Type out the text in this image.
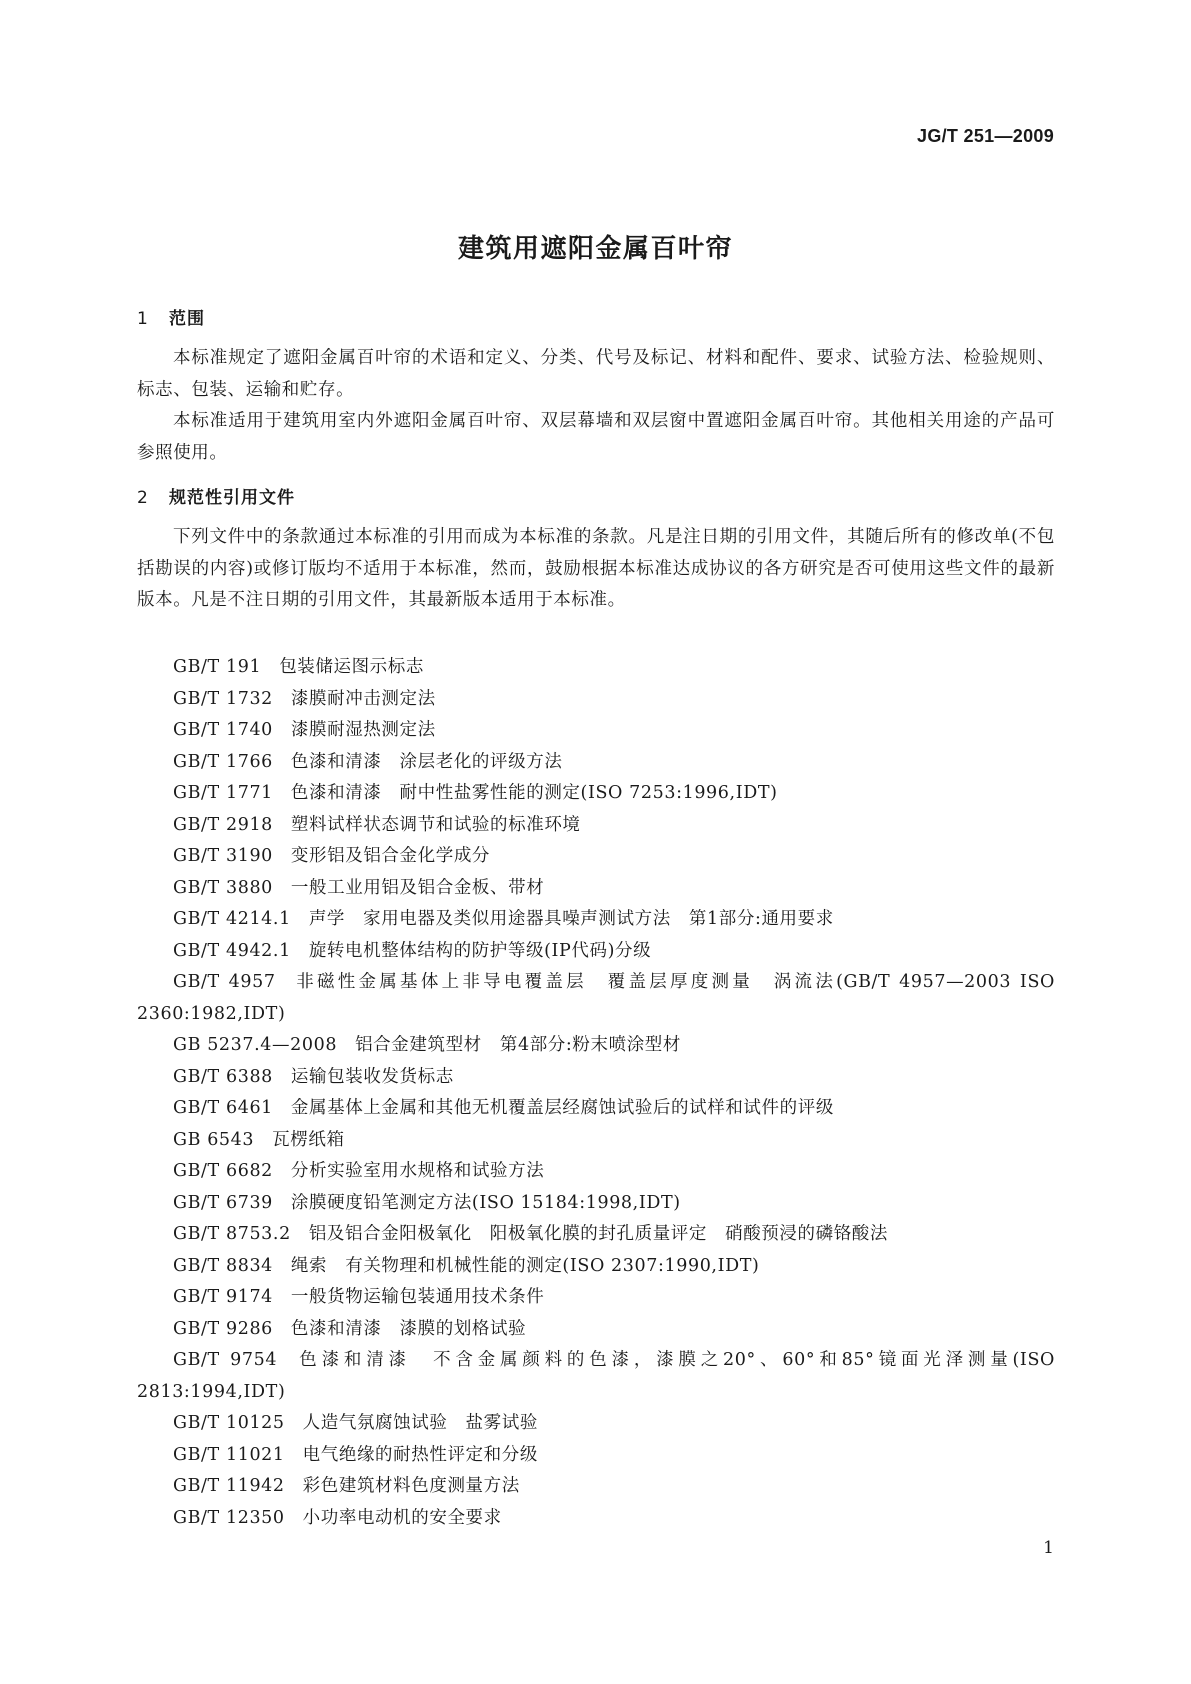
JG/T 251—2009
建筑用遮阳金属百叶帘
1 范围

本标准规定了遮阳金属百叶帘的术语和定义、分类、代号及标记、材料和配件、要求、试验方法、检验规则、标志、包装、运输和贮存。

本标准适用于建筑用室内外遮阳金属百叶帘、双层幕墙和双层窗中置遮阳金属百叶帘。其他相关用途的产品可参照使用。

2 规范性引用文件

下列文件中的条款通过本标准的引用而成为本标准的条款。凡是注日期的引用文件，其随后所有的修改单(不包括勘误的内容)或修订版均不适用于本标准，然而，鼓励根据本标准达成协议的各方研究是否可使用这些文件的最新版本。凡是不注日期的引用文件，其最新版本适用于本标准。

GB/T 191 包装储运图示标志
GB/T 1732 漆膜耐冲击测定法
GB/T 1740 漆膜耐湿热测定法
GB/T 1766 色漆和清漆　涂层老化的评级方法
GB/T 1771 色漆和清漆　耐中性盐雾性能的测定(ISO 7253:1996,IDT)
GB/T 2918 塑料试样状态调节和试验的标准环境
GB/T 3190 变形铝及铝合金化学成分
GB/T 3880 一般工业用铝及铝合金板、带材
GB/T 4214.1 声学　家用电器及类似用途器具噪声测试方法　第1部分:通用要求
GB/T 4942.1 旋转电机整体结构的防护等级(IP代码)分级
GB/T 4957 非磁性金属基体上非导电覆盖层　覆盖层厚度测量　涡流法(GB/T 4957—2003 ISO 2360:1982,IDT)
GB 5237.4—2008 铝合金建筑型材　第4部分:粉末喷涂型材
GB/T 6388 运输包装收发货标志
GB/T 6461 金属基体上金属和其他无机覆盖层经腐蚀试验后的试样和试件的评级
GB 6543 瓦楞纸箱
GB/T 6682 分析实验室用水规格和试验方法
GB/T 6739 涂膜硬度铅笔测定方法(ISO 15184:1998,IDT)
GB/T 8753.2 铝及铝合金阳极氧化　阳极氧化膜的封孔质量评定　硝酸预浸的磷铬酸法
GB/T 8834 绳索　有关物理和机械性能的测定(ISO 2307:1990,IDT)
GB/T 9174 一般货物运输包装通用技术条件
GB/T 9286 色漆和清漆　漆膜的划格试验
GB/T 9754 色漆和清漆　不含金属颜料的色漆，漆膜之20°、60°和85°镜面光泽测量(ISO 2813:1994,IDT)
GB/T 10125 人造气氛腐蚀试验　盐雾试验
GB/T 11021 电气绝缘的耐热性评定和分级
GB/T 11942 彩色建筑材料色度测量方法
GB/T 12350 小功率电动机的安全要求
1
